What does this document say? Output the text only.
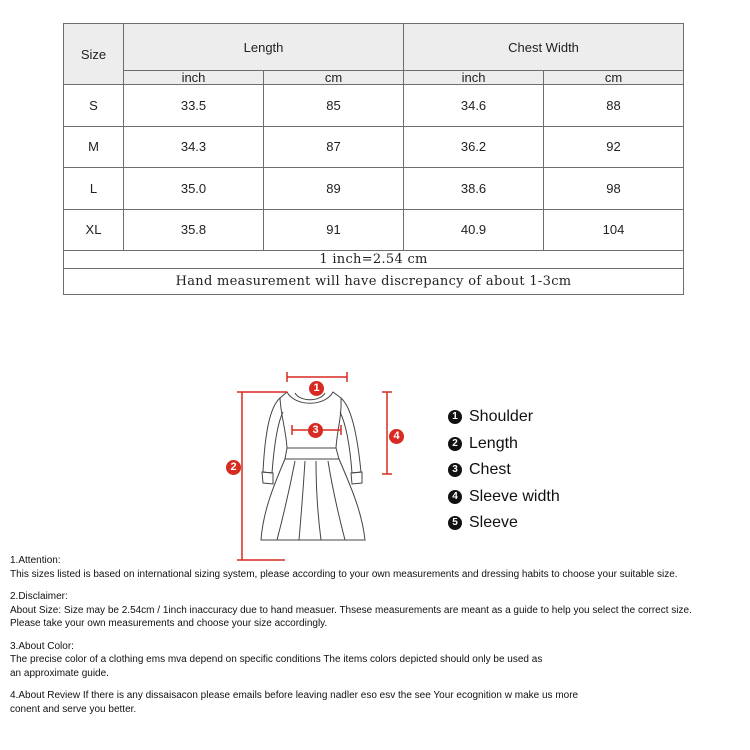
Size	Length		Chest Width	
	inch	cm	inch	cm
S	33.5	85	34.6	88
M	34.3	87	36.2	92
L	35.0	89	38.6	98
XL	35.8	91	40.9	104
1 inch=2.54 cm				
Hand measurement will have discrepancy of about 1-3cm				
1
2
3	4
1 Shoulder
2 Length
3 Chest
4 Sleeve width
5 Sleeve

1.Attention:

This sizes listed is based on international sizing system, please according to your own measurements and dressing habits to choose your suitable size.

2.Disclaimer:

About Size: Size may be 2.54cm / 1inch inaccuracy due to hand measuer. Thsese measurements are meant as a guide to help you select the correct size.

Please take your own measurements and choose your size accordingly.

3.About Color:

The precise color of a clothing ems mva depend on specific conditions The items colors depicted should only be used as

an approximate guide.

4.About Review If there is any dissaisacon please emails before leaving nadler eso esv the see Your ecognition w make us more

conent and serve you better.
